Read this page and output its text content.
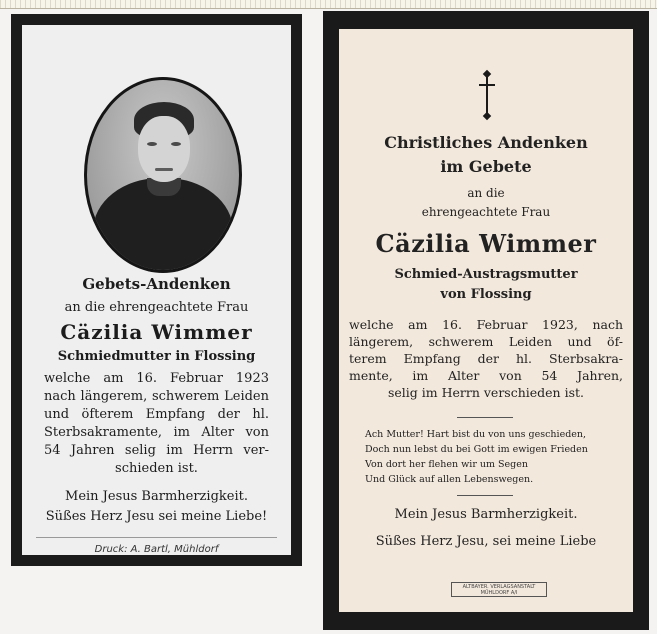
Gebets-Andenken
an die ehrengeachtete Frau
Cäzilia Wimmer
Schmiedmutter in Flossing
welche am 16. Februar 1923
nach längerem, schwerem Leiden
und öfterem Empfang der hl.
Sterbsakramente, im Alter von
54 Jahren selig im Herrn ver-
schieden ist.
Mein Jesus Barmherzigkeit.
Süßes Herz Jesu sei meine Liebe!
Druck: A. Bartl, Mühldorf
Christliches Andenken
im Gebete
an die
ehrengeachtete Frau
Cäzilia Wimmer
Schmied-Austragsmutter
von Flossing
welche am 16. Februar 1923, nach
längerem, schwerem Leiden und öf-
terem Empfang der hl. Sterbsakra-
mente, im Alter von 54 Jahren,
selig im Herrn verschieden ist.
Ach Mutter! Hart bist du von uns geschieden,
Doch nun lebst du bei Gott im ewigen Frieden
Von dort her flehen wir um Segen
Und Glück auf allen Lebenswegen.
Mein Jesus Barmherzigkeit.
Süßes Herz Jesu, sei meine Liebe
ALTBAYER. VERLAGSANSTALT
MÜHLDORF A/I
